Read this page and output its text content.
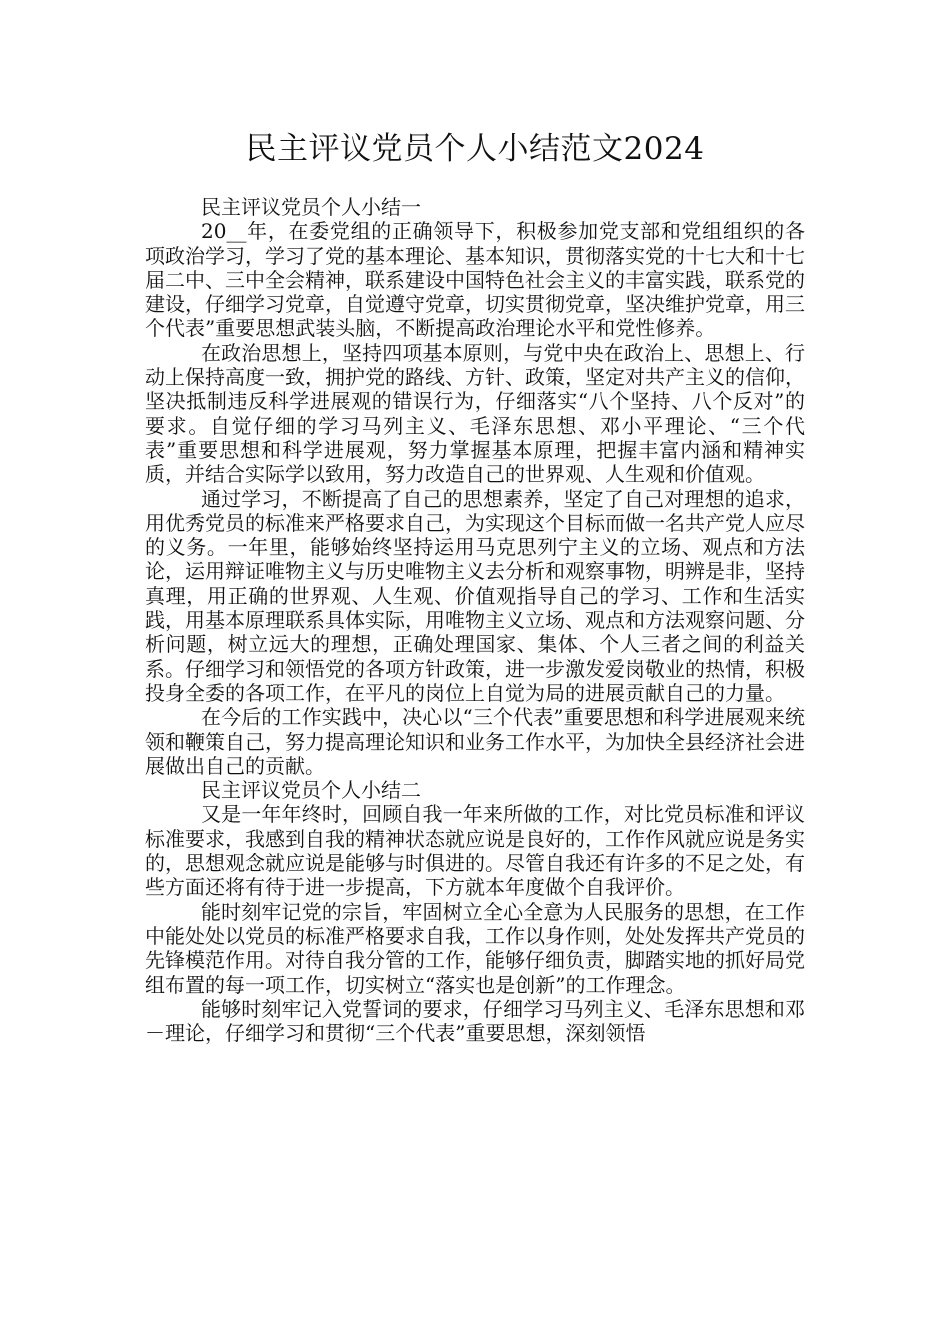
民主评议党员个人小结范文2024

民主评议党员个人小结一

20__年，在委党组的正确领导下，积极参加党支部和党组组织的各项政治学习，学习了党的基本理论、基本知识，贯彻落实党的十七大和十七届二中、三中全会精神，联系建设中国特色社会主义的丰富实践，联系党的建设，仔细学习党章，自觉遵守党章，切实贯彻党章，坚决维护党章，用三个代表”重要思想武装头脑，不断提高政治理论水平和党性修养。

在政治思想上，坚持四项基本原则，与党中央在政治上、思想上、行动上保持高度一致，拥护党的路线、方针、政策，坚定对共产主义的信仰，坚决抵制违反科学进展观的错误行为，仔细落实“八个坚持、八个反对”的要求。自觉仔细的学习马列主义、毛泽东思想、邓小平理论、“三个代表”重要思想和科学进展观，努力掌握基本原理，把握丰富内涵和精神实质，并结合实际学以致用，努力改造自己的世界观、人生观和价值观。

通过学习，不断提高了自己的思想素养，坚定了自己对理想的追求，用优秀党员的标准来严格要求自己，为实现这个目标而做一名共产党人应尽的义务。一年里，能够始终坚持运用马克思列宁主义的立场、观点和方法论，运用辩证唯物主义与历史唯物主义去分析和观察事物，明辨是非，坚持真理，用正确的世界观、人生观、价值观指导自己的学习、工作和生活实践，用基本原理联系具体实际，用唯物主义立场、观点和方法观察问题、分析问题，树立远大的理想，正确处理国家、集体、个人三者之间的利益关系。仔细学习和领悟党的各项方针政策，进一步激发爱岗敬业的热情，积极投身全委的各项工作，在平凡的岗位上自觉为局的进展贡献自己的力量。

在今后的工作实践中，决心以“三个代表”重要思想和科学进展观来统领和鞭策自己，努力提高理论知识和业务工作水平，为加快全县经济社会进展做出自己的贡献。

民主评议党员个人小结二

又是一年年终时，回顾自我一年来所做的工作，对比党员标准和评议标准要求，我感到自我的精神状态就应说是良好的，工作作风就应说是务实的，思想观念就应说是能够与时俱进的。尽管自我还有许多的不足之处，有些方面还将有待于进一步提高，下方就本年度做个自我评价。

能时刻牢记党的宗旨，牢固树立全心全意为人民服务的思想，在工作中能处处以党员的标准严格要求自我，工作以身作则，处处发挥共产党员的先锋模范作用。对待自我分管的工作，能够仔细负责，脚踏实地的抓好局党组布置的每一项工作，切实树立“落实也是创新”的工作理念。

能够时刻牢记入党誓词的要求，仔细学习马列主义、毛泽东思想和邓－理论，仔细学习和贯彻“三个代表”重要思想，深刻领悟
